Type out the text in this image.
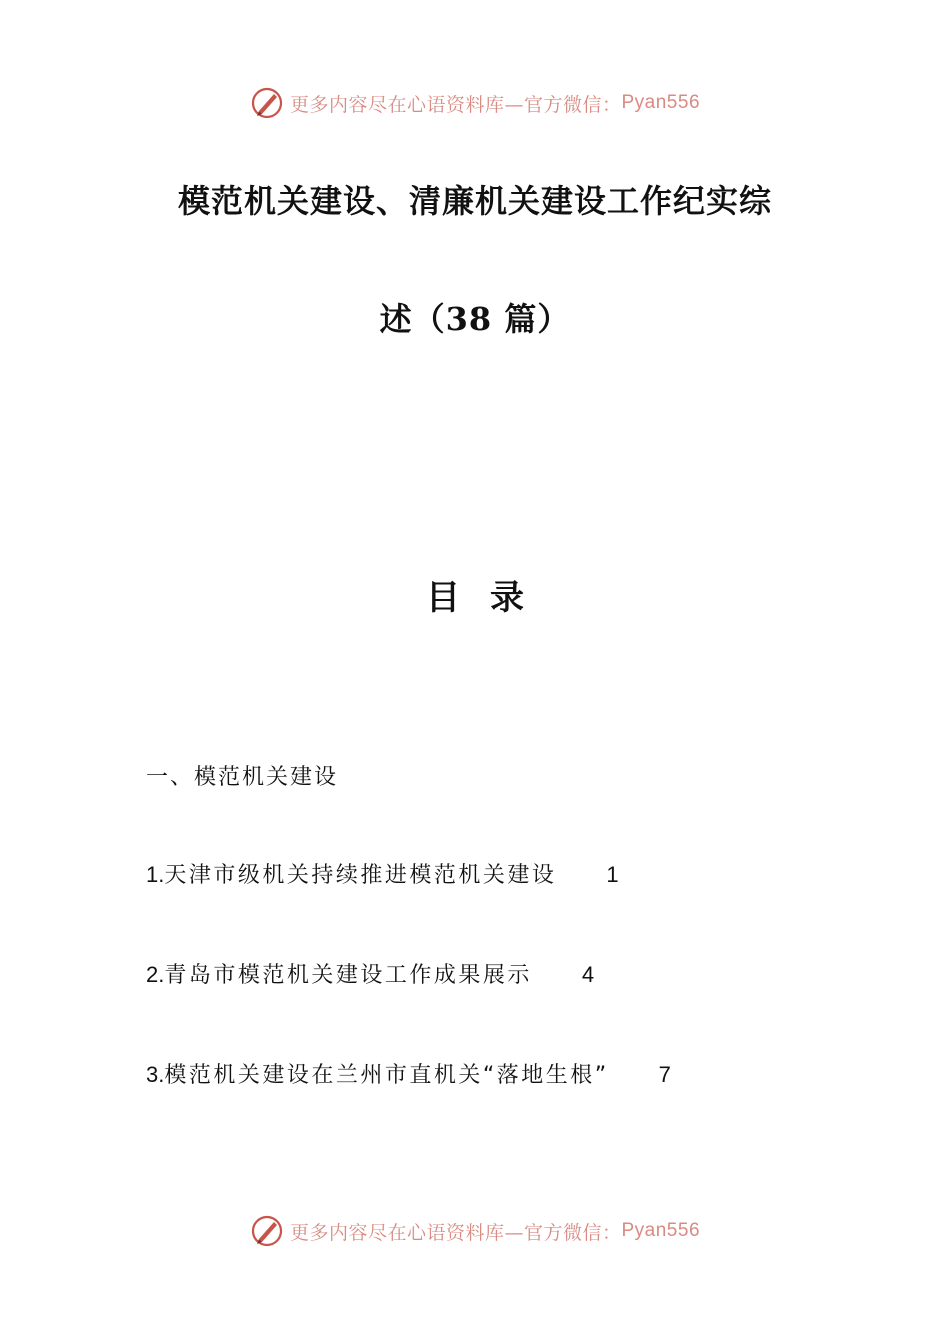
更多内容尽在心语资料库—官方微信： Pyan556
模范机关建设、清廉机关建设工作纪实综
述（38 篇）
目录
一、模范机关建设
1.天津市级机关持续推进模范机关建设 1
2.青岛市模范机关建设工作成果展示 4
3.模范机关建设在兰州市直机关“落地生根” 7
更多内容尽在心语资料库—官方微信： Pyan556
